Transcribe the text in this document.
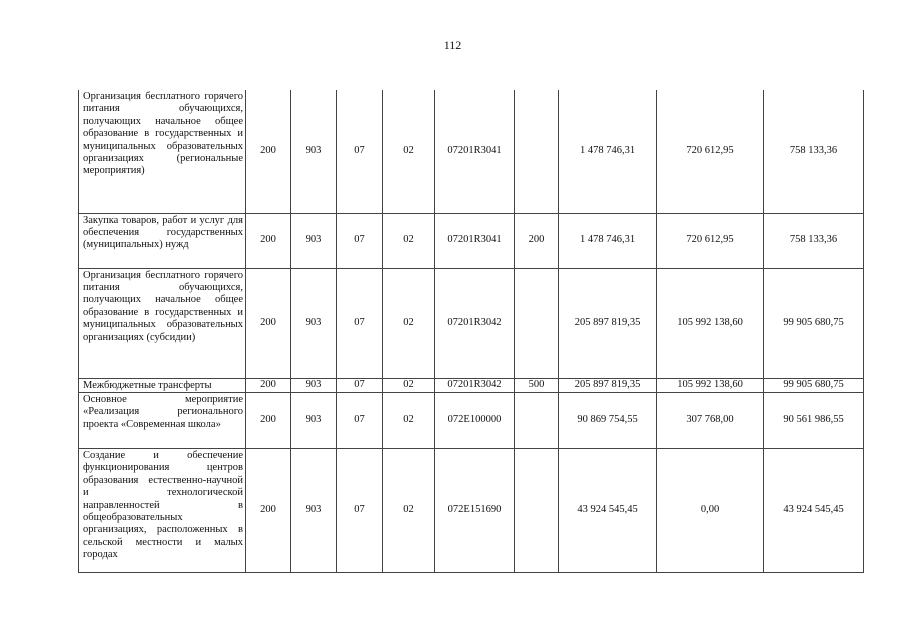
112
Организация бесплатного горячего питания обучающихся, получающих начальное общее образование в государственных и муниципальных образовательных организациях (региональные мероприятия)	200	903	07	02	07201R3041		1 478 746,31	720 612,95	758 133,36
Закупка товаров, работ и услуг для обеспечения государственных (муниципальных) нужд	200	903	07	02	07201R3041	200	1 478 746,31	720 612,95	758 133,36
Организация бесплатного горячего питания обучающихся, получающих начальное общее образование в государственных и муниципальных образовательных организациях (субсидии)	200	903	07	02	07201R3042		205 897 819,35	105 992 138,60	99 905 680,75
Межбюджетные трансферты	200	903	07	02	07201R3042	500	205 897 819,35	105 992 138,60	99 905 680,75
Основное мероприятие «Реализация регионального проекта «Современная школа»	200	903	07	02	072E100000		90 869 754,55	307 768,00	90 561 986,55
Создание и обеспечение функционирования центров образования естественно-научной и технологической направленностей в общеобразовательных организациях, расположенных в сельской местности и малых городах	200	903	07	02	072E151690		43 924 545,45	0,00	43 924 545,45
